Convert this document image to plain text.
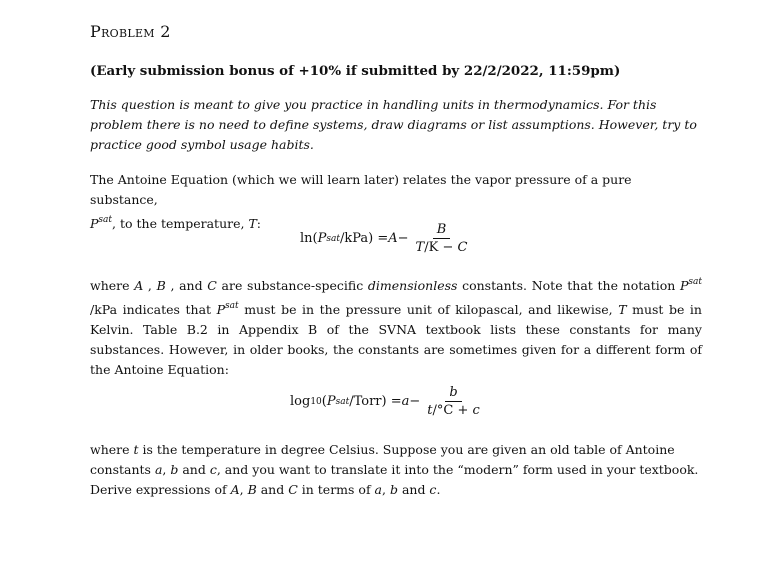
Problem 2
(Early submission bonus of +10% if submitted by 22/2/2022, 11:59pm)

This question is meant to give you practice in handling units in thermodynamics. For this problem there is no need to define systems, draw diagrams or list assumptions. However, try to practice good symbol usage habits.

The Antoine Equation (which we will learn later) relates the vapor pressure of a pure substance,
$P^{sat}$, to the temperature, T:

ln( P sat $/kPa) = A - \frac{B}{T/K - C}$

where A , B , and C are substance-specific dimensionless constants. Note that the notation $P^{sat}$ /kPa indicates that $P^{sat}$ must be in the pressure unit of kilopascal, and likewise, T must be in Kelvin. Table B.2 in Appendix B of the SVNA textbook lists these constants for many substances. However, in older books, the constants are sometimes given for a different form of the Antoine Equation:

log 10 ( P sat /Torr) = $a - \frac{b}{t/^\circ C + c}$

where t is the temperature in degree Celsius. Suppose you are given an old table of Antoine constants a, b and c, and you want to translate it into the “modern” form used in your textbook. Derive expressions of A, B and C in terms of a, b and c.
